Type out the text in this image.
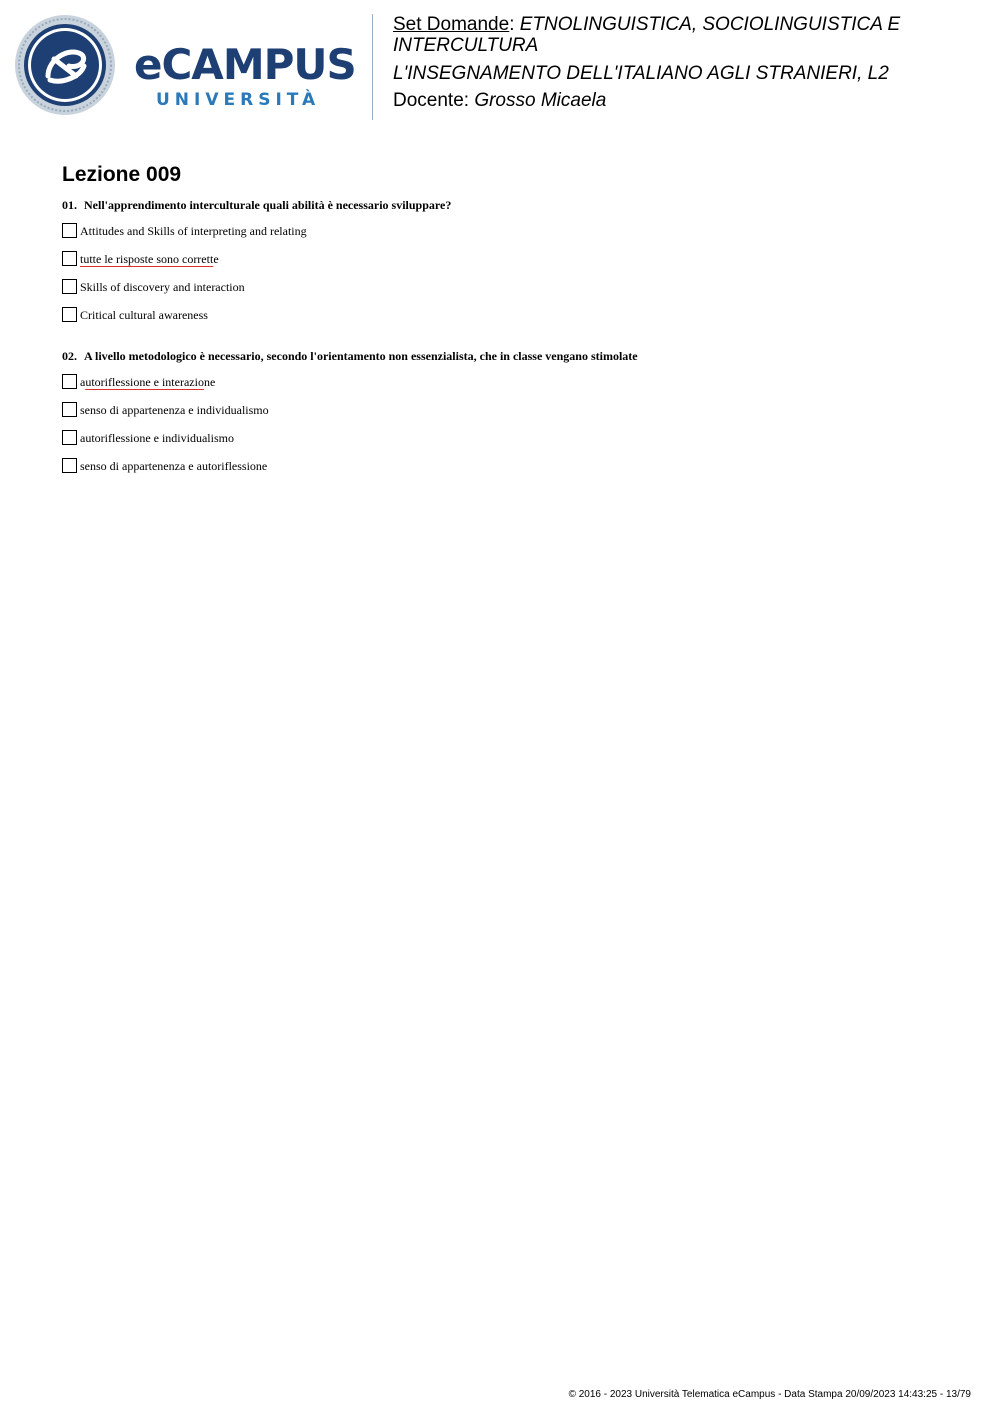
eCAMPUS
UNIVERSITÀ
Set Domande: ETNOLINGUISTICA, SOCIOLINGUISTICA E
INTERCULTURA
L'INSEGNAMENTO DELL'ITALIANO AGLI STRANIERI, L2
Docente: Grosso Micaela
Lezione 009
01. Nell'apprendimento interculturale quali abilità è necessario sviluppare?
Attitudes and Skills of interpreting and relating
tutte le risposte sono corrette
Skills of discovery and interaction
Critical cultural awareness
02. A livello metodologico è necessario, secondo l'orientamento non essenzialista, che in classe vengano stimolate
autoriflessione e interazione
senso di appartenenza e individualismo
autoriflessione e individualismo
senso di appartenenza e autoriflessione
© 2016 - 2023 Università Telematica eCampus - Data Stampa 20/09/2023 14:43:25 - 13/79
